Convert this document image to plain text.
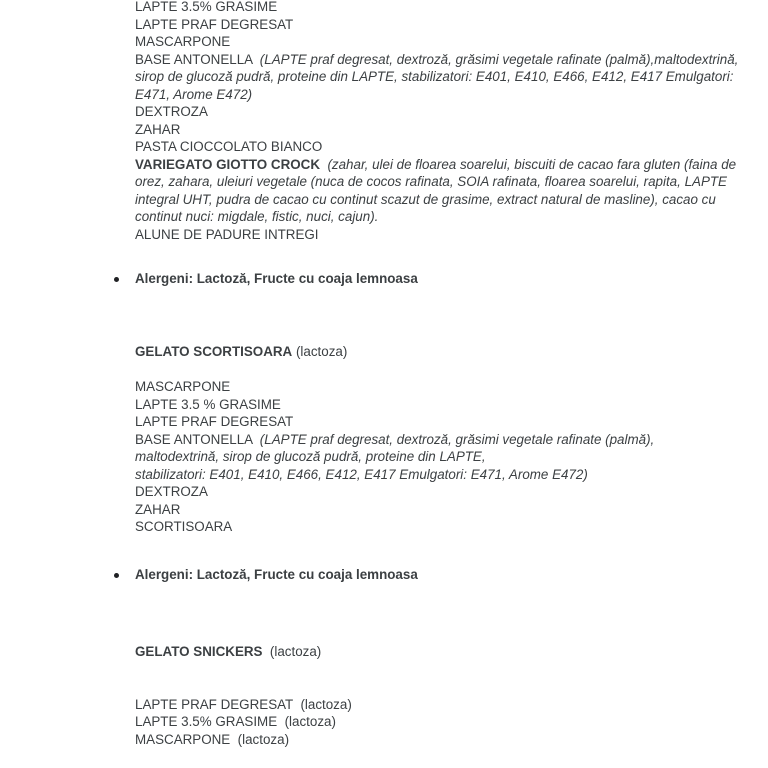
LAPTE 3.5% GRASIME
LAPTE PRAF DEGRESAT
MASCARPONE
BASE ANTONELLA  (LAPTE praf degresat, dextroză, grăsimi vegetale rafinate (palmă),maltodextrină,
sirop de glucoză pudră, proteine din LAPTE, stabilizatori: E401, E410, E466, E412, E417 Emulgatori:
E471, Arome E472)
DEXTROZA
ZAHAR
PASTA CIOCCOLATO BIANCO
VARIEGATO GIOTTO CROCK (zahar, ulei de floarea soarelui, biscuiti de cacao fara gluten (faina de
orez, zahara, uleiuri vegetale (nuca de cocos rafinata, SOIA rafinata, floarea soarelui, rapita, LAPTE
integral UHT, pudra de cacao cu continut scazut de grasime, extract natural de masline), cacao cu
continut nuci: migdale, fistic, nuci, cajun).
ALUNE DE PADURE INTREGI
Alergeni: Lactoză, Fructe cu coaja lemnoasa
GELATO SCORTISOARA (lactoza)
MASCARPONE
LAPTE 3.5 % GRASIME
LAPTE PRAF DEGRESAT
BASE ANTONELLA  (LAPTE praf degresat, dextroză, grăsimi vegetale rafinate (palmă),
maltodextrină, sirop de glucoză pudră, proteine din LAPTE,
stabilizatori: E401, E410, E466, E412, E417 Emulgatori: E471, Arome E472)
DEXTROZA
ZAHAR
SCORTISOARA
Alergeni: Lactoză, Fructe cu coaja lemnoasa
GELATO SNICKERS  (lactoza)
LAPTE PRAF DEGRESAT  (lactoza)
LAPTE 3.5% GRASIME  (lactoza)
MASCARPONE  (lactoza)
